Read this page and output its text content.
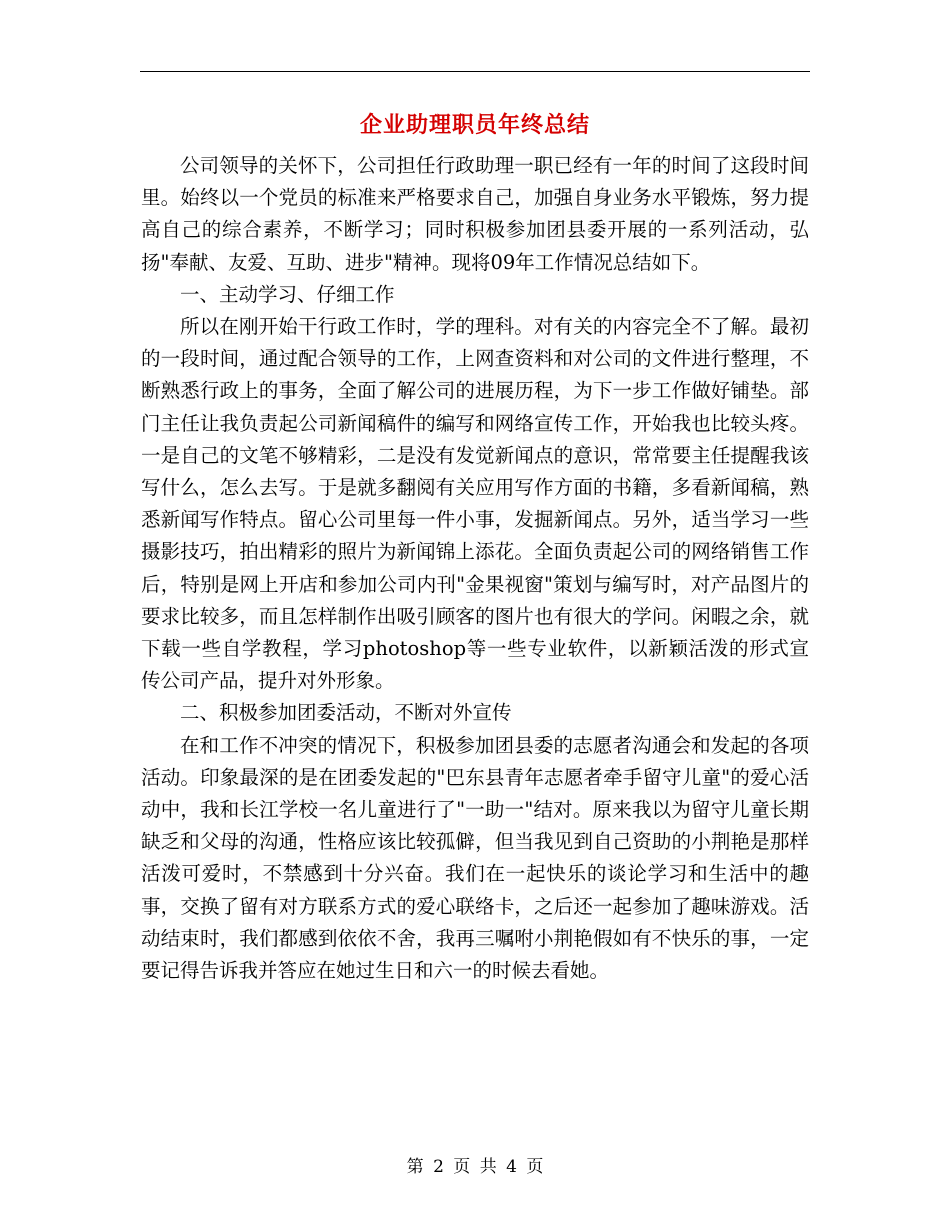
企业助理职员年终总结

公司领导的关怀下，公司担任行政助理一职已经有一年的时间了这段时间里。始终以一个党员的标准来严格要求自己，加强自身业务水平锻炼，努力提高自己的综合素养，不断学习；同时积极参加团县委开展的一系列活动，弘扬"奉献、友爱、互助、进步"精神。现将09年工作情况总结如下。

一、主动学习、仔细工作

所以在刚开始干行政工作时，学的理科。对有关的内容完全不了解。最初的一段时间，通过配合领导的工作，上网查资料和对公司的文件进行整理，不断熟悉行政上的事务，全面了解公司的进展历程，为下一步工作做好铺垫。部门主任让我负责起公司新闻稿件的编写和网络宣传工作，开始我也比较头疼。一是自己的文笔不够精彩，二是没有发觉新闻点的意识，常常要主任提醒我该写什么，怎么去写。于是就多翻阅有关应用写作方面的书籍，多看新闻稿，熟悉新闻写作特点。留心公司里每一件小事，发掘新闻点。另外，适当学习一些摄影技巧，拍出精彩的照片为新闻锦上添花。全面负责起公司的网络销售工作后，特别是网上开店和参加公司内刊"金果视窗"策划与编写时，对产品图片的要求比较多，而且怎样制作出吸引顾客的图片也有很大的学问。闲暇之余，就下载一些自学教程，学习photoshop等一些专业软件，以新颖活泼的形式宣传公司产品，提升对外形象。

二、积极参加团委活动，不断对外宣传

在和工作不冲突的情况下，积极参加团县委的志愿者沟通会和发起的各项活动。印象最深的是在团委发起的"巴东县青年志愿者牵手留守儿童"的爱心活动中，我和长江学校一名儿童进行了"一助一"结对。原来我以为留守儿童长期缺乏和父母的沟通，性格应该比较孤僻，但当我见到自己资助的小荆艳是那样活泼可爱时，不禁感到十分兴奋。我们在一起快乐的谈论学习和生活中的趣事，交换了留有对方联系方式的爱心联络卡，之后还一起参加了趣味游戏。活动结束时，我们都感到依依不舍，我再三嘱咐小荆艳假如有不快乐的事，一定要记得告诉我并答应在她过生日和六一的时候去看她。

第 2 页 共 4 页
